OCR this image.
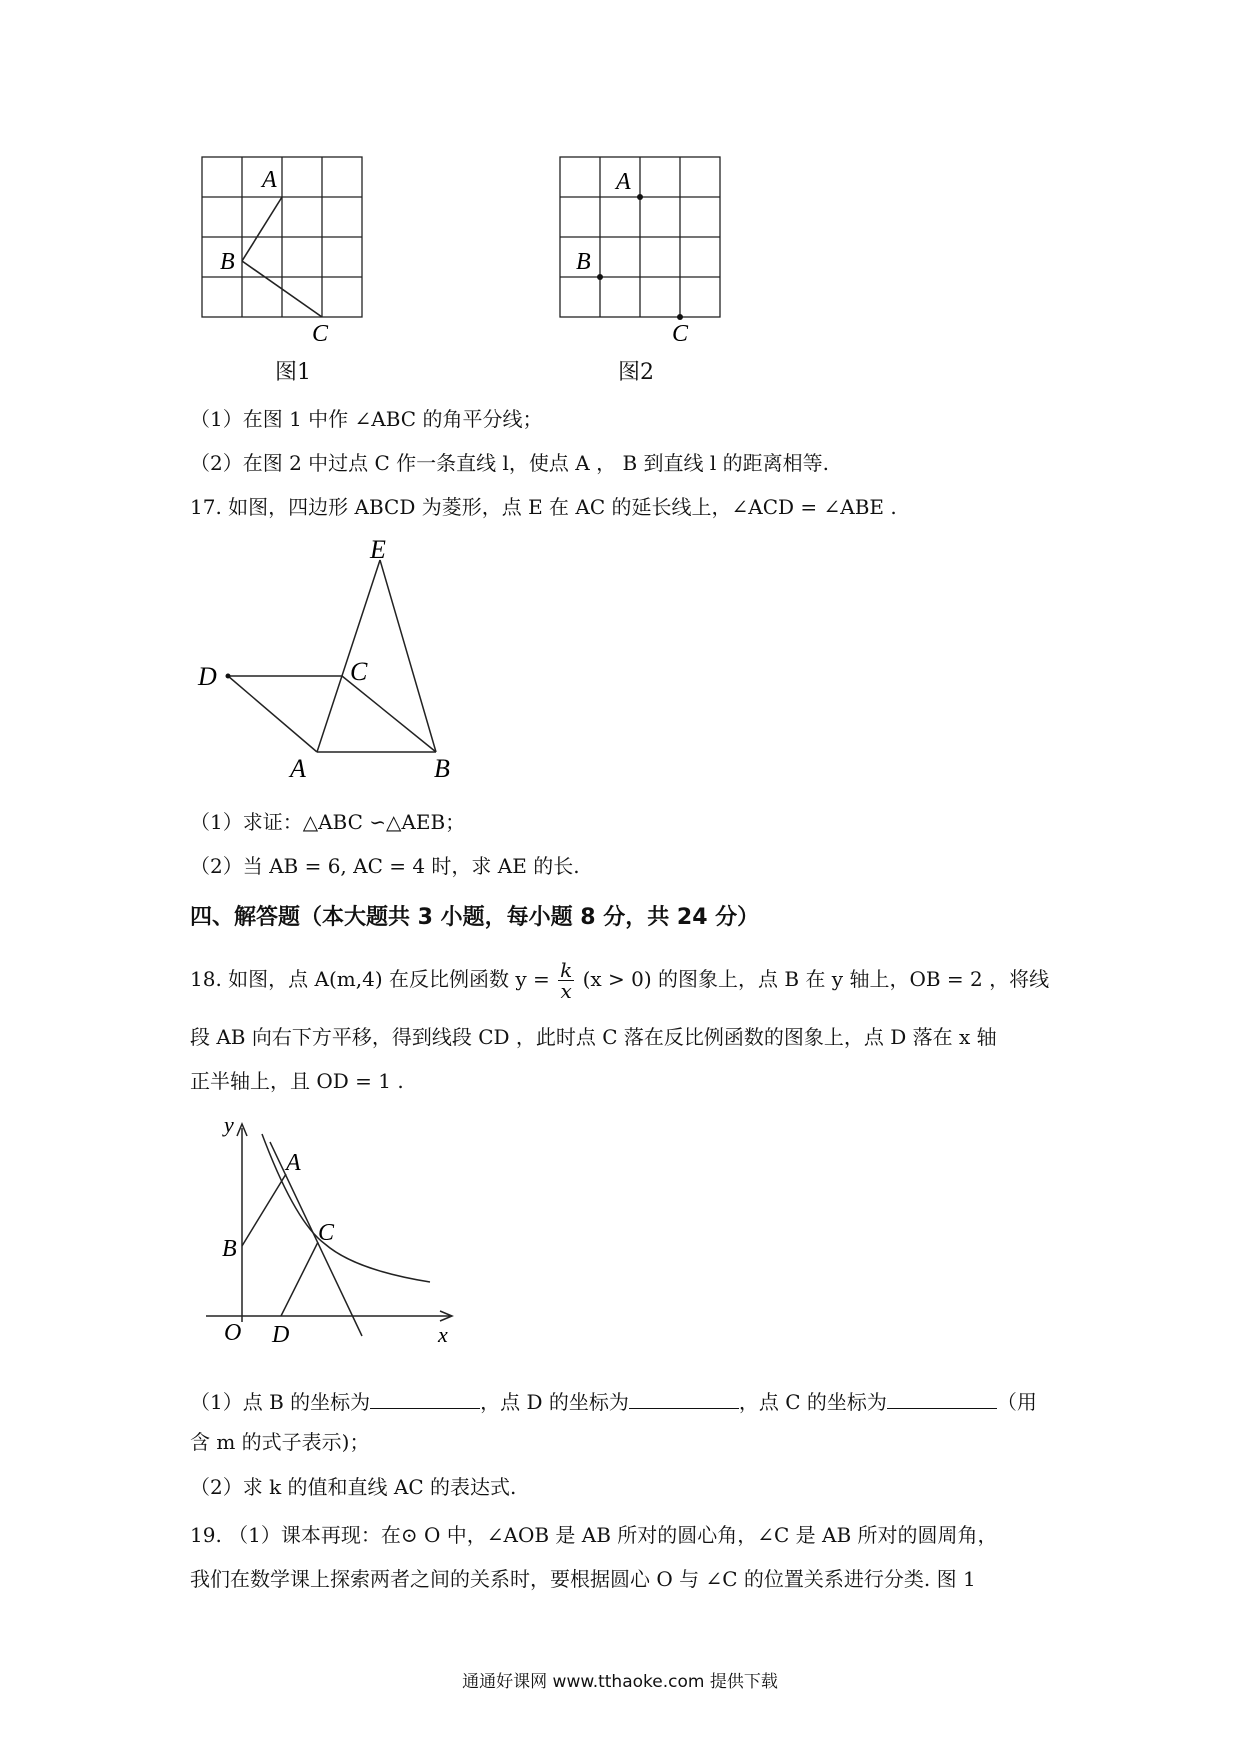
A
B
C
图1
A
B
C
图2
（1）在图 1 中作 ∠ABC 的角平分线；
（2）在图 2 中过点 C 作一条直线 l，使点 A ， B 到直线 l 的距离相等.
17. 如图，四边形 ABCD 为菱形，点 E 在 AC 的延长线上，∠ACD = ∠ABE .
E
D	C
A	B
（1）求证：△ABC ∽△AEB；
（2）当 AB = 6, AC = 4 时，求 AE 的长.
四、解答题（本大题共 3 小题，每小题 8 分，共 24 分）
18. 如图，点 A(m,4) 在反比例函数 $y = \frac{k}{x} (x > 0)$ 的图象上，点 B 在 y 轴上，OB = 2 ，将线
段 AB 向右下方平移，得到线段 CD ，此时点 C 落在反比例函数的图象上，点 D 落在 x 轴
正半轴上，且 OD = 1 .
y
A
B
C
O D	x
（1）点 B 的坐标为	，点 D 的坐标为	，点 C 的坐标为	（用
含 m 的式子表示)；
（2）求 k 的值和直线 AC 的表达式.
19. （1）课本再现：在⊙ O 中，∠AOB 是 AB 所对的圆心角，∠C 是 AB 所对的圆周角，
我们在数学课上探索两者之间的关系时，要根据圆心 O 与 ∠C 的位置关系进行分类. 图 1
通通好课网 www.tthaoke.com 提供下载
